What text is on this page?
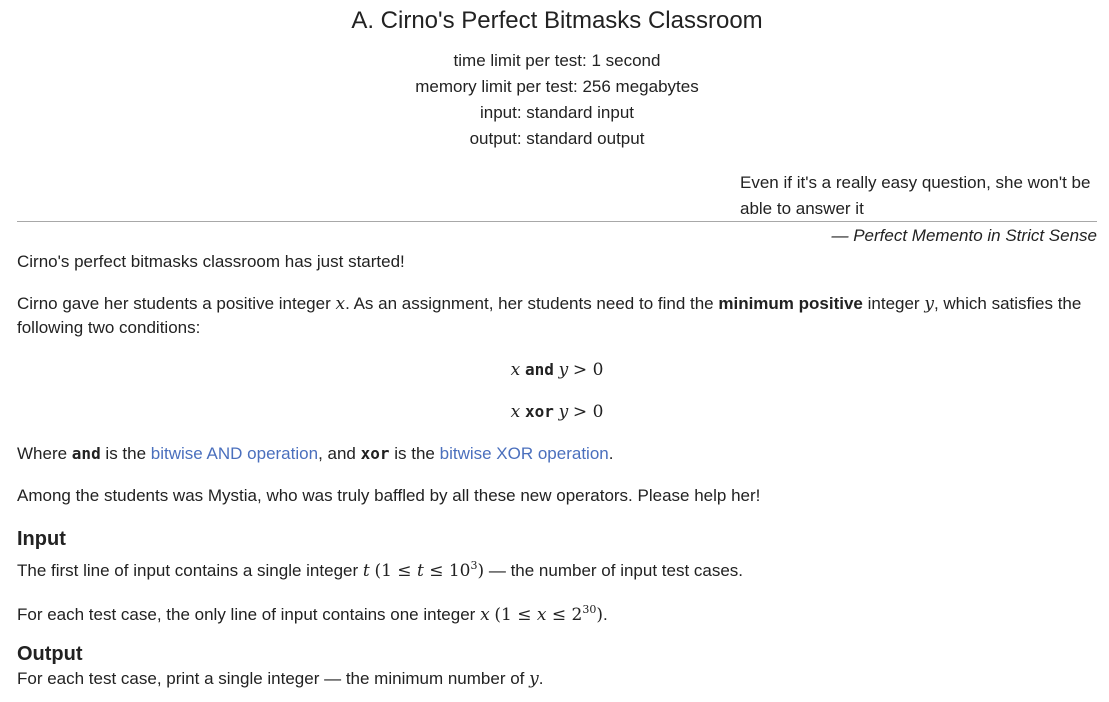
A. Cirno's Perfect Bitmasks Classroom
time limit per test: 1 second
memory limit per test: 256 megabytes
input: standard input
output: standard output
Even if it's a really easy question, she won't be able to answer it
— Perfect Memento in Strict Sense
Cirno's perfect bitmasks classroom has just started!
Cirno gave her students a positive integer x. As an assignment, her students need to find the minimum positive integer y, which satisfies the following two conditions:
x and y > 0
x xor y > 0
Where and is the bitwise AND operation, and xor is the bitwise XOR operation.
Among the students was Mystia, who was truly baffled by all these new operators. Please help her!
Input
The first line of input contains a single integer t $(1 \le t \le 10^3)$ — the number of input test cases.
For each test case, the only line of input contains one integer x $(1 \le x \le 2^{30})$.
Output
For each test case, print a single integer — the minimum number of y.
